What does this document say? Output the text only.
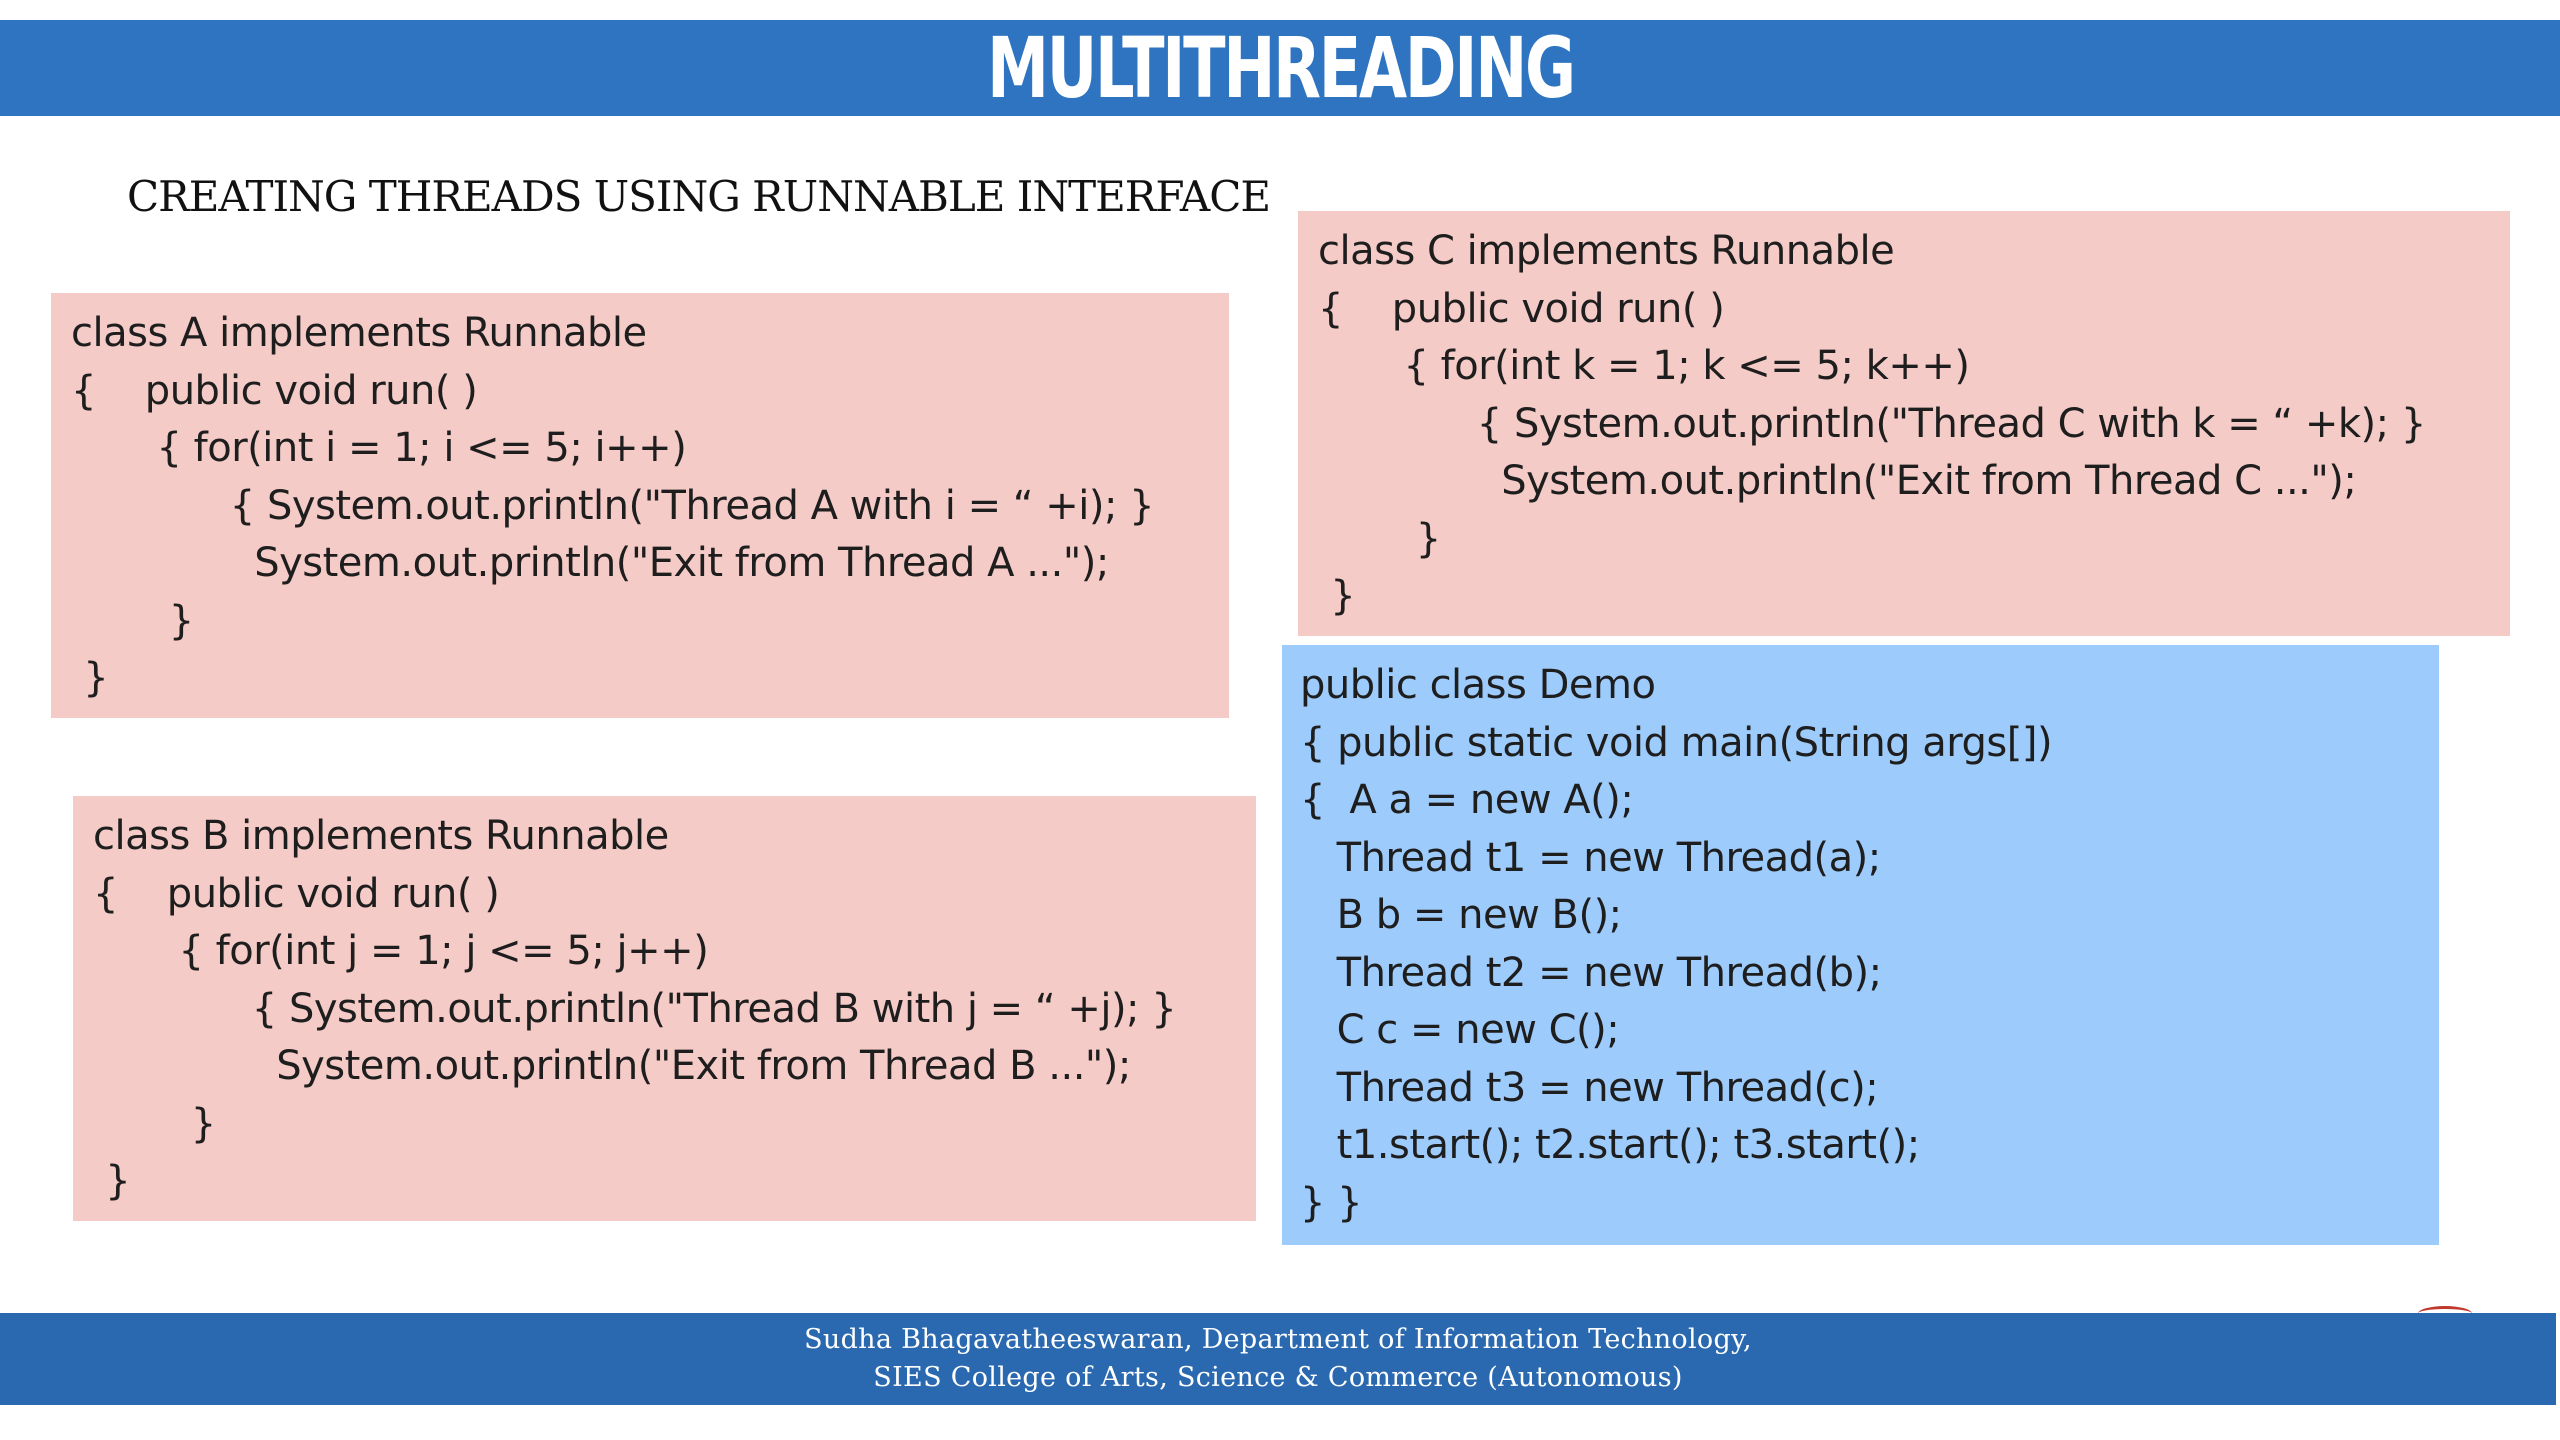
MULTITHREADING
CREATING THREADS USING RUNNABLE INTERFACE
class A implements Runnable
{    public void run( )
{ for(int i = 1; i <= 5; i++)
{ System.out.println("Thread A with i = “ +i); }
System.out.println("Exit from Thread A ...");
}
}
class B implements Runnable
{    public void run( )
{ for(int j = 1; j <= 5; j++)
{ System.out.println("Thread B with j = “ +j); }
System.out.println("Exit from Thread B ...");
}
}
class C implements Runnable
{    public void run( )
{ for(int k = 1; k <= 5; k++)
{ System.out.println("Thread C with k = “ +k); }
System.out.println("Exit from Thread C ...");
}
}
public class Demo
{ public static void main(String args[])
{  A a = new A();
Thread t1 = new Thread(a);
B b = new B();
Thread t2 = new Thread(b);
C c = new C();
Thread t3 = new Thread(c);
t1.start(); t2.start(); t3.start();
} }
Sudha Bhagavatheeswaran, Department of Information Technology,
SIES College of Arts, Science & Commerce (Autonomous)
